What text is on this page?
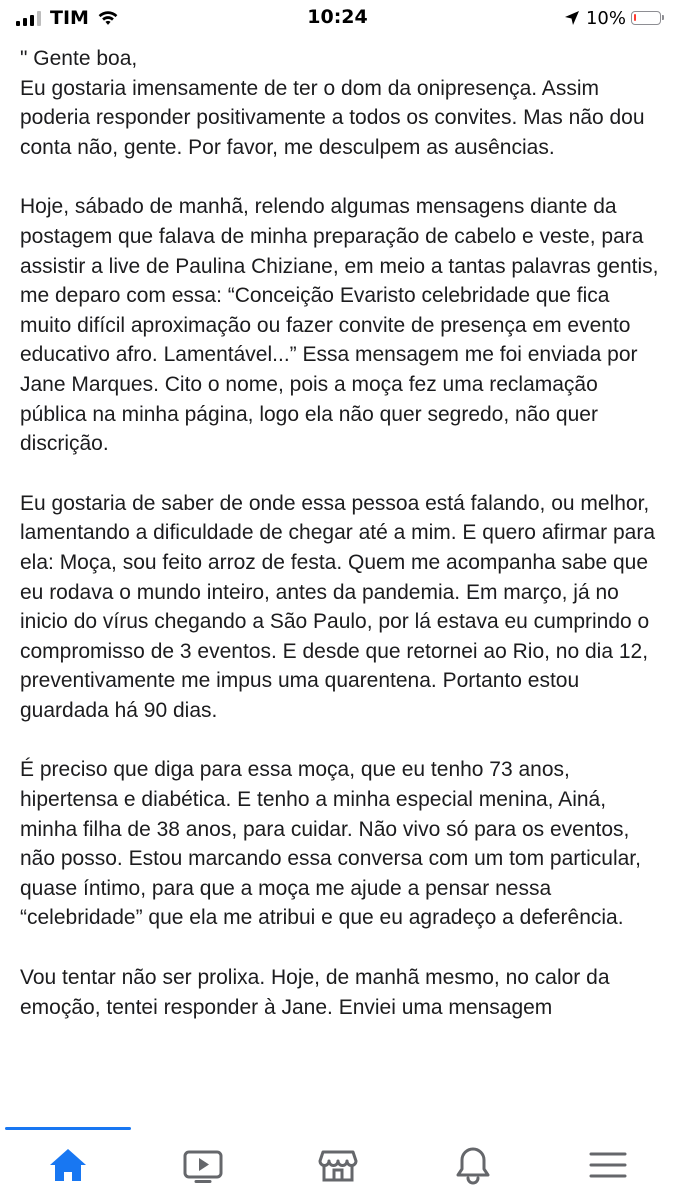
TIM	10:24	10%

" Gente boa,
Eu gostaria imensamente de ter o dom da onipresença. Assim poderia responder positivamente a todos os convites. Mas não dou conta não, gente. Por favor, me desculpem as ausências.

Hoje, sábado de manhã, relendo algumas mensagens diante da postagem que falava de minha preparação de cabelo e veste, para assistir a live de Paulina Chiziane, em meio a tantas palavras gentis, me deparo com essa: “Conceição Evaristo celebridade que fica muito difícil aproximação ou fazer convite de presença em evento educativo afro. Lamentável...” Essa mensagem me foi enviada por Jane Marques. Cito o nome, pois a moça fez uma reclamação pública na minha página, logo ela não quer segredo, não quer discrição.

Eu gostaria de saber de onde essa pessoa está falando, ou melhor, lamentando a dificuldade de chegar até a mim. E quero afirmar para ela: Moça, sou feito arroz de festa. Quem me acompanha sabe que eu rodava o mundo inteiro, antes da pandemia. Em março, já no inicio do vírus chegando a São Paulo, por lá estava eu cumprindo o compromisso de 3 eventos. E desde que retornei ao Rio, no dia 12, preventivamente me impus uma quarentena. Portanto estou guardada há 90 dias.

É preciso que diga para essa moça, que eu tenho 73 anos, hipertensa e diabética. E tenho a minha especial menina, Ainá, minha filha de 38 anos, para cuidar. Não vivo só para os eventos, não posso. Estou marcando essa conversa com um tom particular, quase íntimo, para que a moça me ajude a pensar nessa “celebridade” que ela me atribui e que eu agradeço a deferência.

Vou tentar não ser prolixa. Hoje, de manhã mesmo, no calor da emoção, tentei responder à Jane. Enviei uma mensagem
